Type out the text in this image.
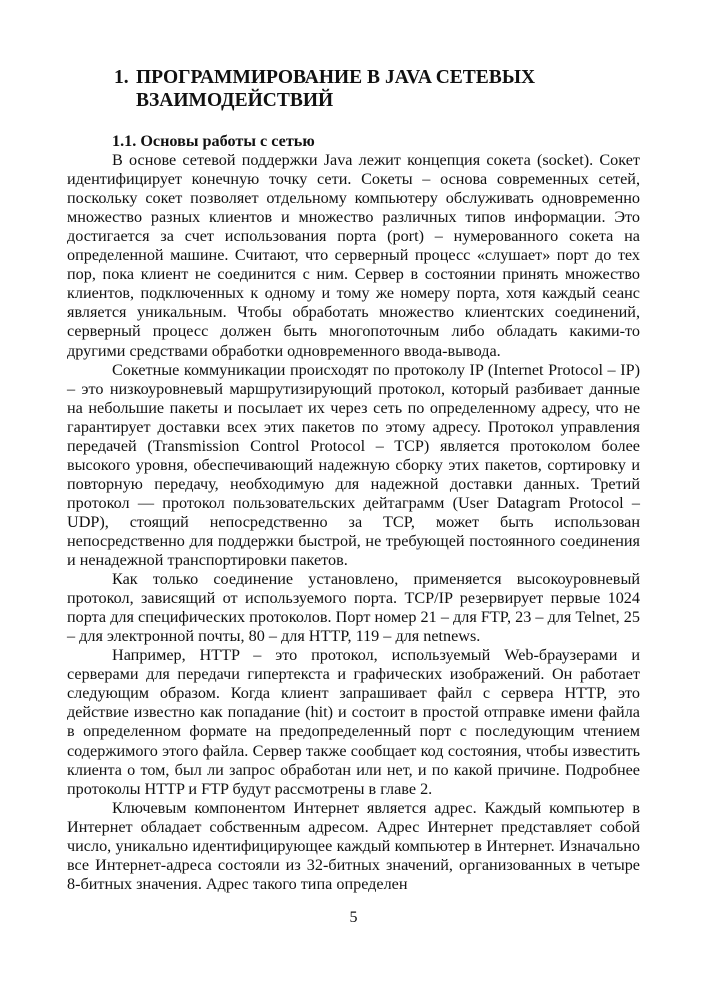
1. ПРОГРАММИРОВАНИЕ В JAVA СЕТЕВЫХ
ВЗАИМОДЕЙСТВИЙ
1.1. Основы работы с сетью

В основе сетевой поддержки Java лежит концепция сокета (socket). Сокет идентифицирует конечную точку сети. Сокеты – основа современных сетей, поскольку сокет позволяет отдельному компьютеру обслуживать одновременно множество разных клиентов и множество различных типов информации. Это достигается за счет использования порта (port) – нумерованного сокета на определенной машине. Считают, что серверный процесс «слушает» порт до тех пор, пока клиент не соединится с ним. Сервер в состоянии принять множество клиентов, подключенных к одному и тому же номеру порта, хотя каждый сеанс является уникальным. Чтобы обработать множество клиентских соединений, серверный процесс должен быть многопоточным либо обладать какими-то другими средствами обработки одновременного ввода-вывода.

Сокетные коммуникации происходят по протоколу IP (Internet Protocol – IP) – это низкоуровневый маршрутизирующий протокол, который разбивает данные на небольшие пакеты и посылает их через сеть по определенному адресу, что не гарантирует доставки всех этих пакетов по этому адресу. Протокол управления передачей (Transmission Control Protocol – TCP) является протоколом более высокого уровня, обеспечивающий надежную сборку этих пакетов, сортировку и повторную передачу, необходимую для надежной доставки данных. Третий протокол — протокол пользовательских дейтаграмм (User Datagram Protocol – UDP), стоящий непосредственно за TCP, может быть использован непосредственно для поддержки быстрой, не требующей постоянного соединения и ненадежной транспортировки пакетов.

Как только соединение установлено, применяется высокоуровневый протокол, зависящий от используемого порта. TCP/IP резервирует первые 1024 порта для специфических протоколов. Порт номер 21 – для FTP, 23 – для Telnet, 25 – для электронной почты, 80 – для HTTP, 119 – для netnews.

Например, HTTP – это протокол, используемый Web-браузерами и серверами для передачи гипертекста и графических изображений. Он работает следующим образом. Когда клиент запрашивает файл с сервера HTTP, это действие известно как попадание (hit) и состоит в простой отправке имени файла в определенном формате на предопределенный порт с последующим чтением содержимого этого файла. Сервер также сообщает код состояния, чтобы известить клиента о том, был ли запрос обработан или нет, и по какой причине. Подробнее протоколы HTTP и FTP будут рассмотрены в главе 2.

Ключевым компонентом Интернет является адрес. Каждый компьютер в Интернет обладает собственным адресом. Адрес Интернет представляет собой число, уникально идентифицирующее каждый компьютер в Интернет. Изначально все Интернет-адреса состояли из 32-битных значений, организованных в четыре 8-битных значения. Адрес такого типа определен

5
